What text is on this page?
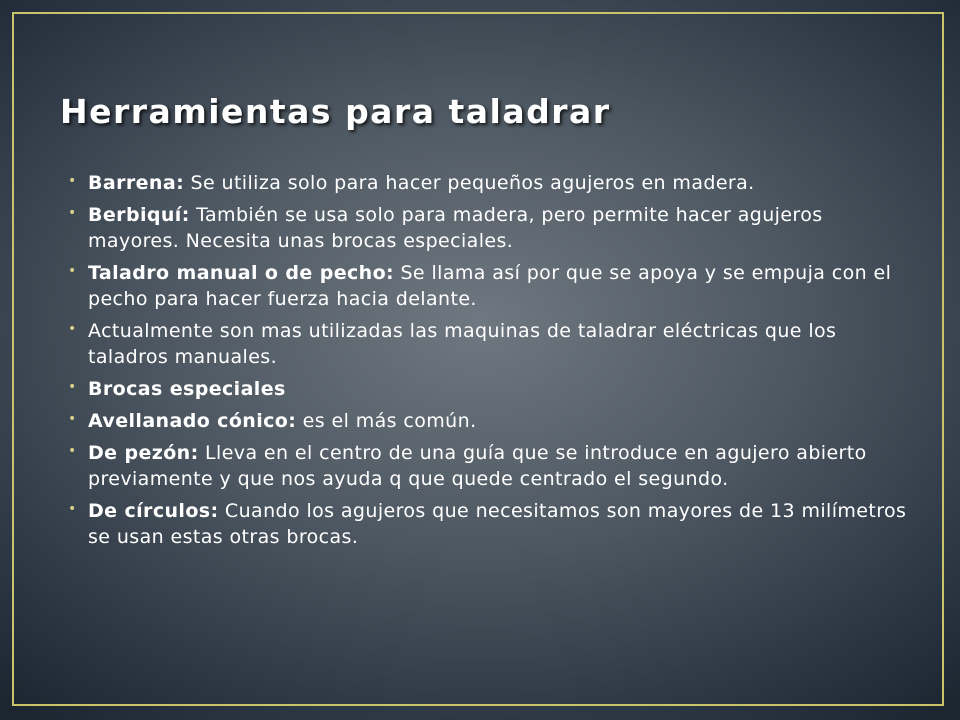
Herramientas para taladrar
• Barrena: Se utiliza solo para hacer pequeños agujeros en madera.
• Berbiquí: También se usa solo para madera, pero permite hacer agujeros mayores. Necesita unas brocas especiales.
• Taladro manual o de pecho: Se llama así por que se apoya y se empuja con el pecho para hacer fuerza hacia delante.
• Actualmente son mas utilizadas las maquinas de taladrar eléctricas que los taladros manuales.
• Brocas especiales
• Avellanado cónico: es el más común.
• De pezón: Lleva en el centro de una guía que se introduce en agujero abierto previamente y que nos ayuda q que quede centrado el segundo.
• De círculos: Cuando los agujeros que necesitamos son mayores de 13 milímetros se usan estas otras brocas.
